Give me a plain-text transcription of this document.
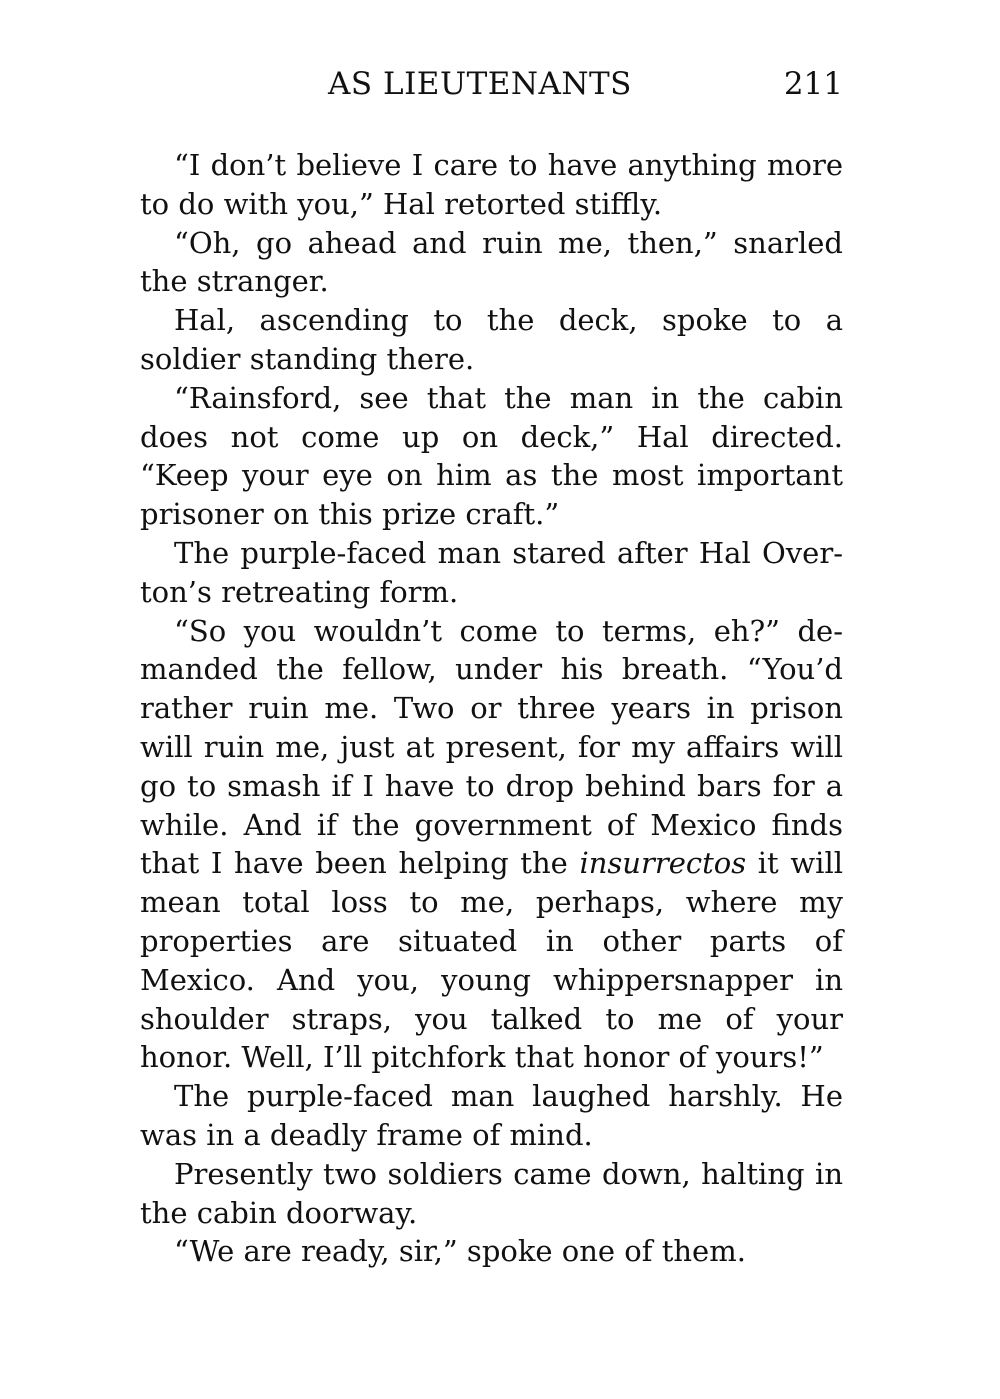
AS LIEUTENANTS	211

“I don’t believe I care to have anything more to do with you,” Hal retorted stiffly.

“Oh, go ahead and ruin me, then,” snarled the stranger.

Hal, ascending to the deck, spoke to a soldier standing there.

“Rainsford, see that the man in the cabin does not come up on deck,” Hal directed. “Keep your eye on him as the most important prisoner on this prize craft.”

The purple-faced man stared after Hal Overton’s retreating form.

“So you wouldn’t come to terms, eh?” demanded the fellow, under his breath. “You’d rather ruin me. Two or three years in prison will ruin me, just at present, for my affairs will go to smash if I have to drop behind bars for a while. And if the government of Mexico finds that I have been helping the insurrectos it will mean total loss to me, perhaps, where my properties are situated in other parts of Mexico. And you, young whippersnapper in shoulder straps, you talked to me of your honor. Well, I’ll pitchfork that honor of yours!”

The purple-faced man laughed harshly. He was in a deadly frame of mind.

Presently two soldiers came down, halting in the cabin doorway.

“We are ready, sir,” spoke one of them.
